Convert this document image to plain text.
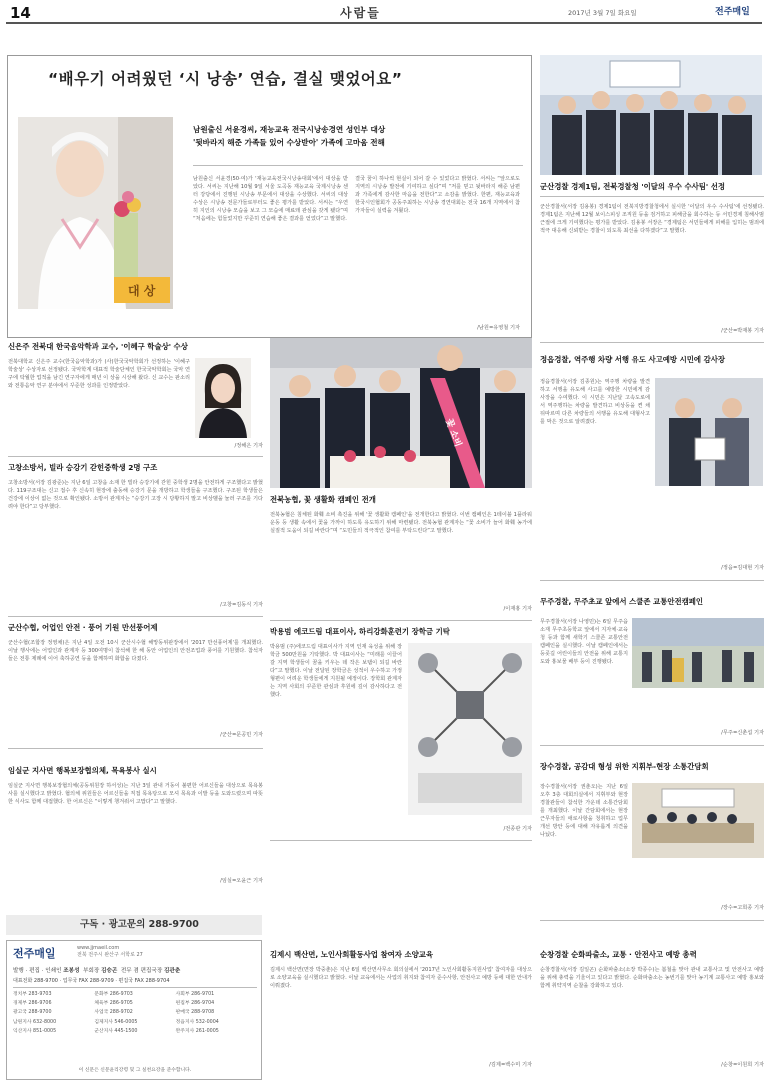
14	사람들	2017년 3월 7일 화요일	전주매일
“배우기 어려웠던 ‘시 낭송’ 연습, 결실 맺었어요”
대 상
남원출신 서윤경씨, 재능교육 전국시낭송경연 성인부 대상
'뒷바라지 해준 가족들 있어 수상받아' 가족에 고마움 전해
남원출신 서윤경(50·여)가 '재능교육전국시낭송대회'에서 대상을 받았다. 서씨는 지난해 10월 9일 서울 도곡동 재능교육 국제시낭송 센터 강당에서 진행된 시낭송 부문에서 대상을 수상했다. 서씨의 대상 수상은 시낭송 전문가들로부터도 좋은 평가를 받았다. 서씨는 “우연히 지인의 시낭송 모습을 보고 그 모습에 매료돼 관심을 갖게 됐다”며 “처음에는 힘들었지만 꾸준히 연습해 좋은 결과를 얻었다”고 말했다.
결국 꿈이 하나씩 현실이 되어 갈 수 있었다고 밝혔다. 서씨는 “앞으로도 지역의 시낭송 발전에 기여하고 싶다”며 “저를 믿고 뒷바라지 해준 남편과 가족에게 감사한 마음을 전한다”고 소감을 밝혔다. 한편, 재능교육과 한국시인협회가 공동주최하는 시낭송 경연대회는 전국 16개 지역에서 참가자들이 실력을 겨뤘다.
/남원=유영철 기자
군산경찰 경제1팀, 전북경찰청 '이달의 우수 수사팀' 선정
군산경찰서(서장 김용봉) 경제1팀이 전북지방경찰청에서 실시한 '이달의 우수 수사팀'에 선정됐다. 경제1팀은 지난해 12월 보이스피싱 조직원 등을 검거하고 피해금을 회수하는 등 서민경제 침해사범 근절에 크게 기여했다는 평가를 받았다. 김용봉 서장은 “경제팀은 서민들에게 피해를 입히는 범죄에 적극 대응해 신뢰받는 경찰이 되도록 최선을 다하겠다”고 말했다.
/군산=박재봉 기자
신은주 전북대 한국음악학과 교수, '이혜구 학술상' 수상
전북대학교 신은주 교수(한국음악학과)가 (사)한국국악학회가 선정하는 '이혜구 학술상' 수상자로 선정됐다. 국악학계 대표적 학술단체인 한국국악학회는 국악 연구에 탁월한 업적을 남긴 연구자에게 매년 이 상을 시상해 왔다. 신 교수는 판소리와 전통음악 연구 분야에서 꾸준한 성과를 인정받았다.
/정해은 기자
고창소방서, 빌라 승강기 갇힌중학생 2명 구조
고창소방서(서장 김광준)는 지난 6일 고창읍 소재 한 빌라 승강기에 갇힌 중학생 2명을 안전하게 구조했다고 밝혔다. 119구조대는 신고 접수 후 신속히 현장에 출동해 승강기 문을 개방하고 학생들을 구조했다. 구조된 학생들은 건강에 이상이 없는 것으로 확인됐다. 소방서 관계자는 “승강기 고장 시 당황하지 말고 비상벨을 눌러 구조를 기다려야 한다”고 당부했다.
/고창=김동식 기자
군산수협, 어업인 안전 · 풍어 기원 만선풍어제
군산수협(조합장 정영채)은 지난 4일 오전 10시 군산시수협 해망동위판장에서 '2017 만선풍어제'를 개최했다. 이날 행사에는 어업인과 관계자 등 300여명이 참석해 한 해 동안 어업인의 안전조업과 풍어를 기원했다. 참석자들은 전통 제례에 이어 축하공연 등을 함께하며 화합을 다졌다.
/군산=문공민 기자
임실군 지사면 행복보장협의체, 목욕봉사 실시
임실군 지사면 행복보장협의체(공동위원장 하서성)는 지난 3일 관내 거동이 불편한 어르신들을 대상으로 목욕봉사를 실시했다고 밝혔다. 협의체 위원들은 어르신들을 직접 목욕탕으로 모셔 목욕과 이발 등을 도와드렸으며 따뜻한 식사도 함께 대접했다. 한 어르신은 “이렇게 챙겨줘서 고맙다”고 말했다.
/임실=오윤근 기자
구독 · 광고문의 288-9700
전주매일	www.jjmaeil.com
전북 전주시 완산구 서학로 27
발행 · 편집 · 인쇄인 조봉성 부회장 김승곤 전무 겸 편집국장 김관춘
대표전화 288-9700 · 업무국 FAX 288-9709 · 편집국 FAX 288-9704
정치부 283-9703	문화부 286-9703	사회부 286-9701
경제부 286-9706	체육부 286-9705	편집부 286-9704
광고국 288-9700	사업국 288-9702	판매국 288-9708
남원지사 632-8000	김제지사 546-0005	정읍지사 532-0004
익산지사 851-0005	군산지사 445-1500	완주지사 261-0005
이 신문은 신문윤리강령 및 그 실천요강을 준수합니다.
꽃 소비
전북농협, 꽃 생활화 캠페인 전개
전북농협은 침체된 화훼 소비 촉진을 위해 '꽃 생활화 캠페인'을 전개한다고 밝혔다. 이번 캠페인은 1테이블 1플라워 운동 등 생활 속에서 꽃을 가까이 하도록 유도하기 위해 마련됐다. 전북농협 관계자는 “꽃 소비가 늘어 화훼 농가에 실질적 도움이 되길 바란다”며 “도민들의 적극적인 참여를 부탁드린다”고 말했다.
/이재홍 기자
박용범 에코드림 대표이사, 하리강화훈련기 장학금 기탁
박용범 (주)에코드림 대표이사가 지역 인재 육성을 위해 장학금 500만원을 기탁했다. 박 대표이사는 “미래를 이끌어갈 지역 학생들이 꿈을 키우는 데 작은 보탬이 되길 바란다”고 말했다. 이날 전달된 장학금은 성적이 우수하고 가정형편이 어려운 학생들에게 지원될 예정이다. 장학회 관계자는 지역 사회의 꾸준한 관심과 후원에 깊이 감사하다고 전했다.
/전종관 기자
김제시 백산면, 노인사회활동사업 참여자 소양교육
김제시 백산면(면장 박중춘)은 지난 6일 백산면사무소 회의실에서 '2017년 노인사회활동지원사업' 참여자를 대상으로 소양교육을 실시했다고 밝혔다. 이날 교육에서는 사업의 취지와 참여자 준수사항, 안전사고 예방 등에 대한 안내가 이뤄졌다.
/김제=백수미 기자
정읍경찰, 역주행 차량 서행 유도 사고예방 시민에 감사장
정읍경찰서(서장 김종원)는 역주행 차량을 발견하고 서행을 유도해 사고를 예방한 시민에게 감사장을 수여했다. 이 시민은 지난달 고속도로에서 역주행하는 차량을 발견하고 비상등을 켠 채 뒤따르며 다른 차량들의 서행을 유도해 대형사고를 막은 것으로 알려졌다.
/정읍=김대현 기자
무주경찰, 무주초교 앞에서 스쿨존 교통안전캠페인
무주경찰서(서장 나영민)는 6일 무주읍 소재 무주초등학교 앞에서 지자체·교육청 등과 함께 새학기 스쿨존 교통안전 캠페인을 실시했다. 이날 캠페인에서는 등굣길 어린이들의 안전을 위해 교통지도와 홍보물 배부 등이 진행됐다.
/무주=신춘섭 기자
장수경찰, 공감대 형성 위한 지휘부-현장 소통간담회
장수경찰서(서장 권춘오)는 지난 6일 오후 3층 대회의실에서 지휘부와 현장 경찰관들이 참석한 가운데 소통간담회를 개최했다. 이날 간담회에서는 현장 근무자들의 애로사항을 청취하고 업무 개선 방안 등에 대해 자유롭게 의견을 나눴다.
/장수=고희종 기자
순창경찰 순화파출소, 교통 · 안전사고 예방 총력
순창경찰서(서장 김일곤) 순화파출소(소장 박종수)는 봄철을 맞아 관내 교통사고 및 안전사고 예방을 위해 총력을 기울이고 있다고 밝혔다. 순화파출소는 농번기를 맞아 농기계 교통사고 예방 홍보와 함께 취약지역 순찰을 강화하고 있다.
/순창=이원희 기자
